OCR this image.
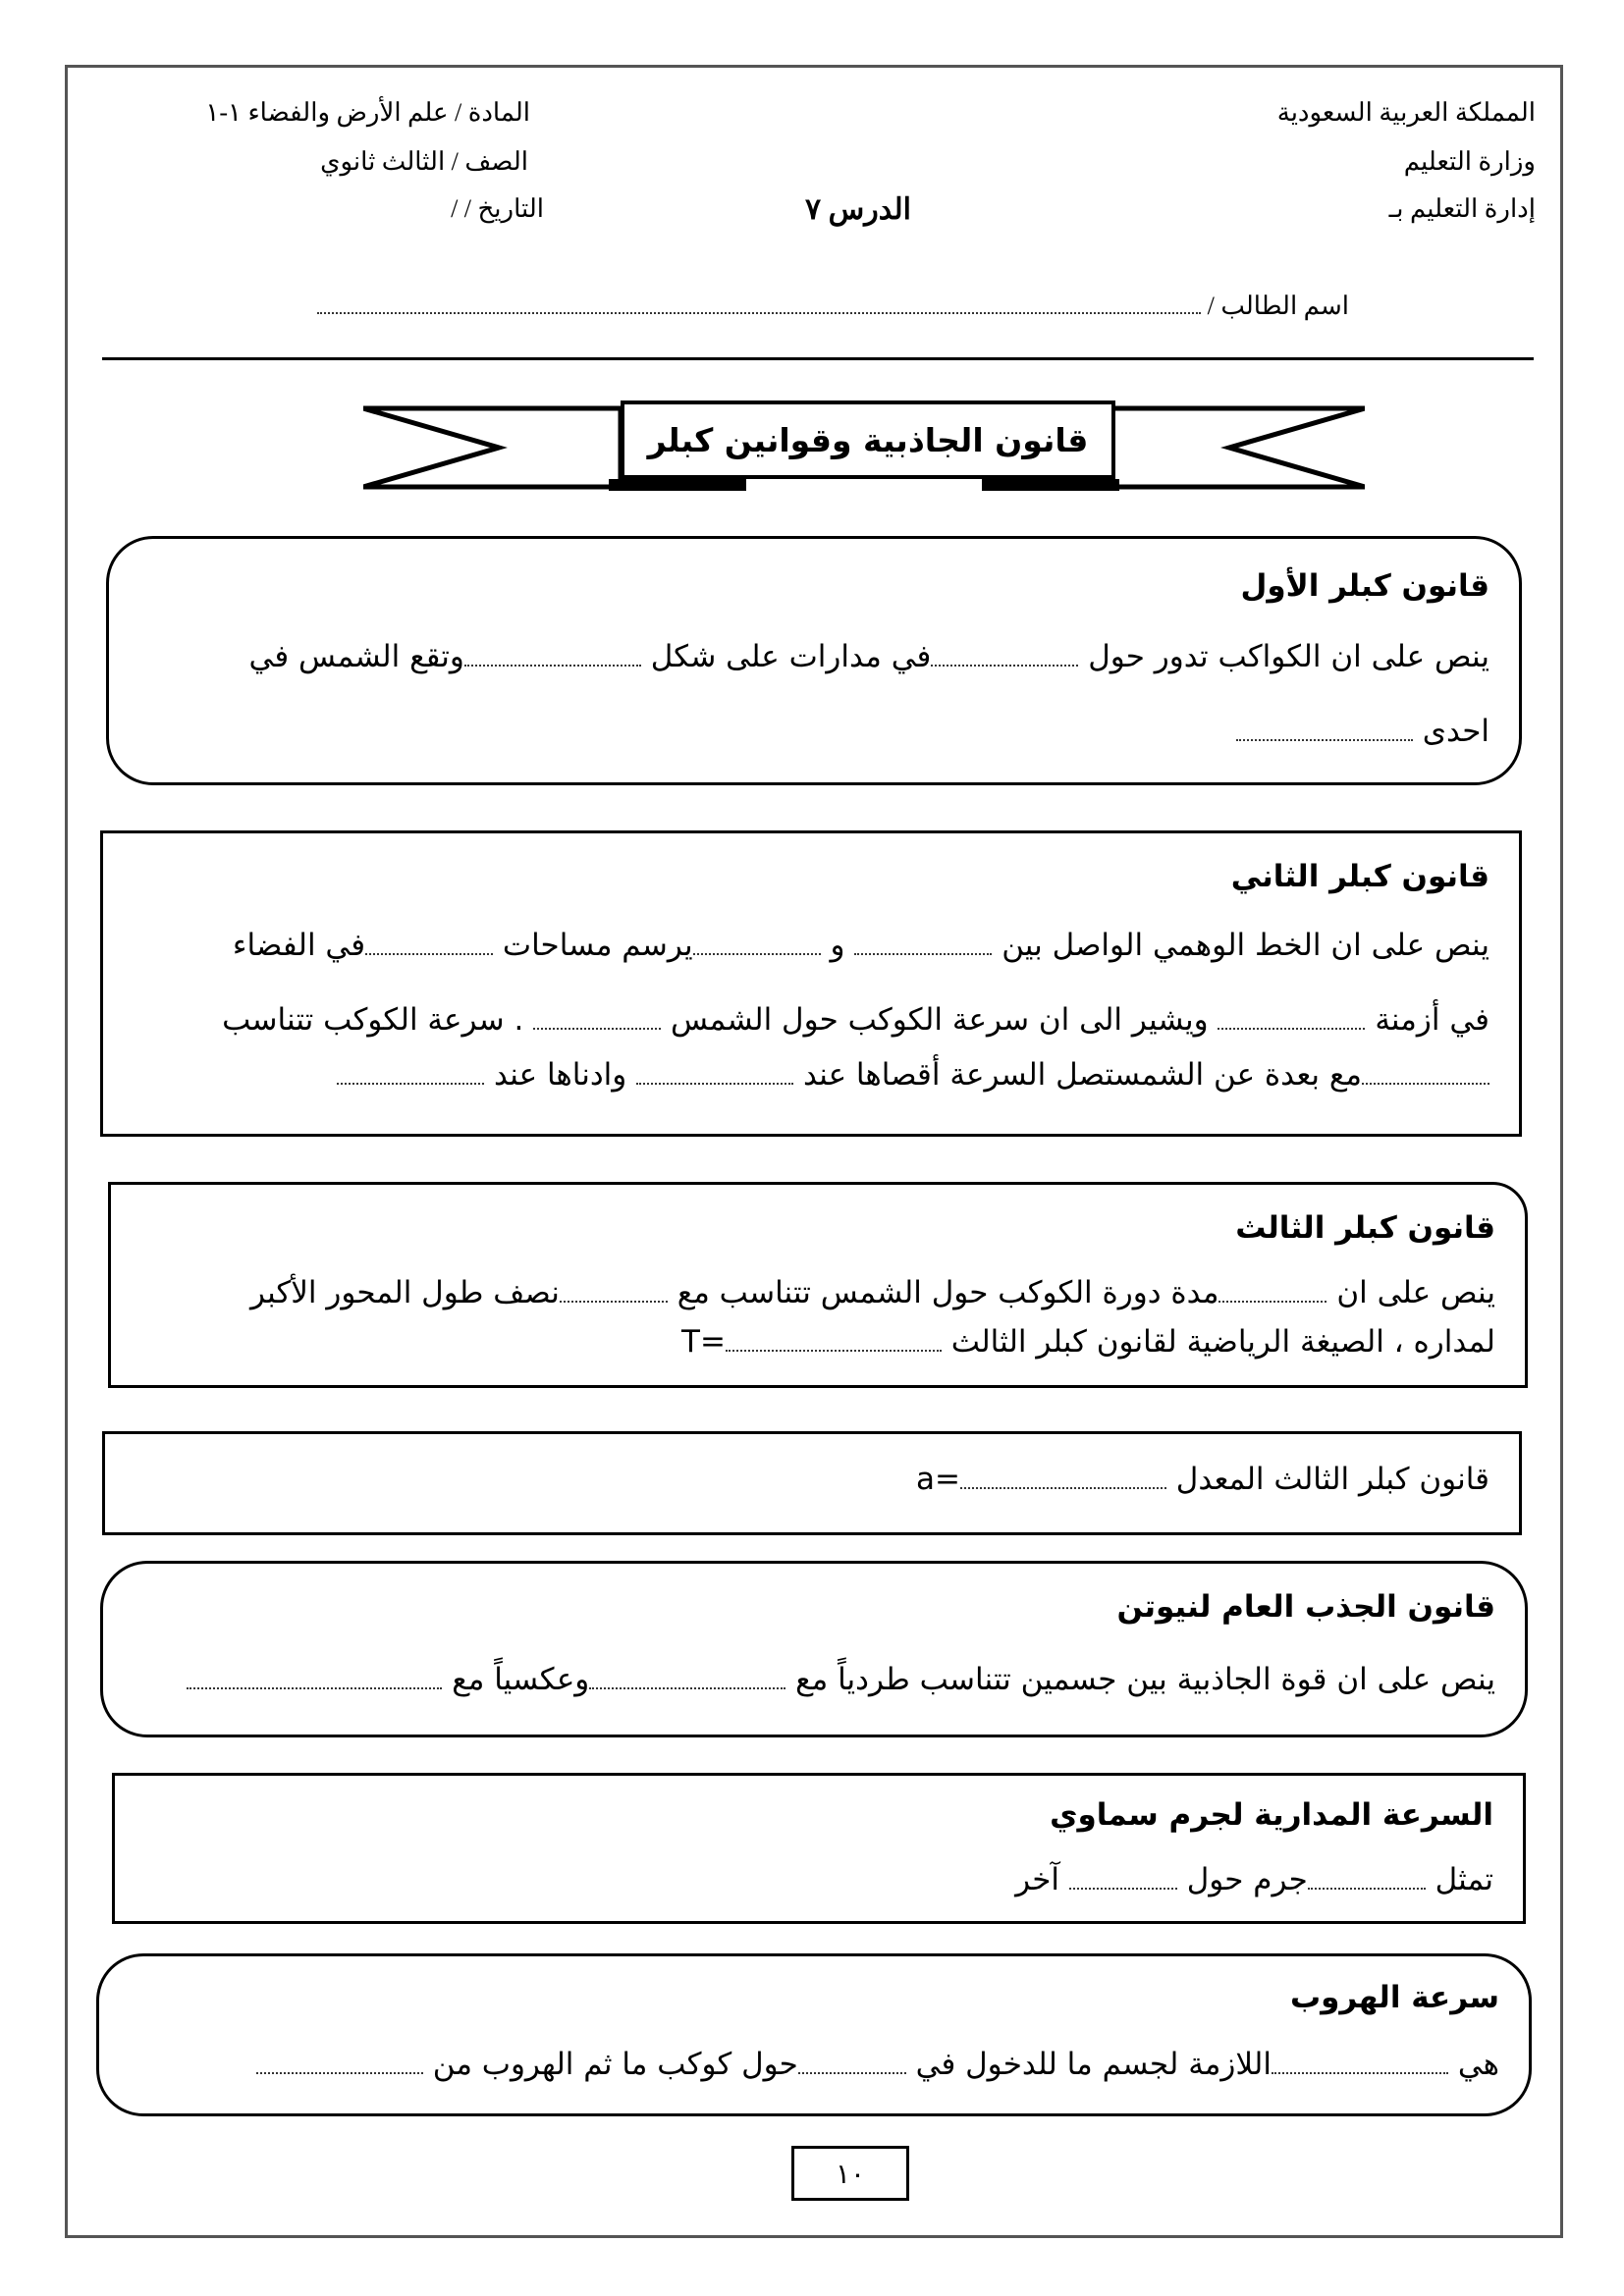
المملكة العربية السعودية
وزارة التعليم
إدارة التعليم بـ
المادة / علم الأرض والفضاء ١-١
الصف / الثالث ثانوي
التاريخ / /	الدرس ٧
اسم الطالب /
قانون الجاذبية وقوانين كبلر
قانون كبلر الأول
ينص على ان الكواكب تدور حول في مدارات على شكل وتقع الشمس في
احدى
قانون كبلر الثاني
ينص على ان الخط الوهمي الواصل بين  و يرسم مساحات في الفضاء
في أزمنة  ويشير الى ان سرعة الكوكب حول الشمس  . سرعة الكوكب تتناسب
مع بعدة عن الشمستصل السرعة أقصاها عند  وادناها عند
قانون كبلر الثالث
ينص على ان مدة دورة الكوكب حول الشمس تتناسب مع نصف طول المحور الأكبر
لمداره ، الصيغة الرياضية لقانون كبلر الثالث =T
قانون كبلر الثالث المعدل =a
قانون الجذب العام لنيوتن
ينص على ان قوة الجاذبية بين جسمين تتناسب طردياً مع وعكسياً مع
السرعة المدارية لجرم سماوي
تمثل جرم حول  آخر
سرعة الهروب
هي اللازمة لجسم ما للدخول في حول كوكب ما ثم الهروب من
١٠
